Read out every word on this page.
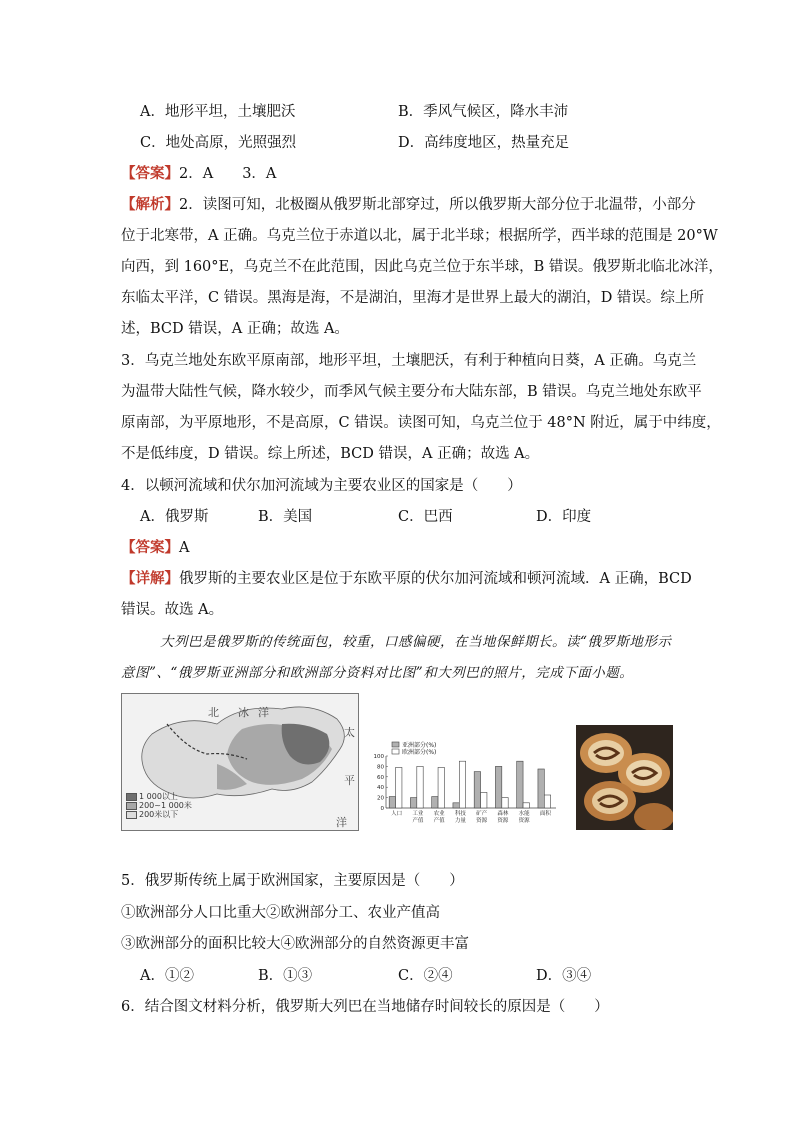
A．地形平坦，土壤肥沃	B．季风气候区，降水丰沛
C．地处高原，光照强烈	D．高纬度地区，热量充足
【答案】2．A　　3．A
【解析】2．读图可知，北极圈从俄罗斯北部穿过，所以俄罗斯大部分位于北温带，小部分
位于北寒带，A 正确。乌克兰位于赤道以北，属于北半球；根据所学，西半球的范围是 20°W
向西，到 160°E，乌克兰不在此范围，因此乌克兰位于东半球，B 错误。俄罗斯北临北冰洋，
东临太平洋，C 错误。黑海是海，不是湖泊，里海才是世界上最大的湖泊，D 错误。综上所
述，BCD 错误，A 正确；故选 A。
3．乌克兰地处东欧平原南部，地形平坦，土壤肥沃，有利于种植向日葵，A 正确。乌克兰
为温带大陆性气候，降水较少，而季风气候主要分布大陆东部，B 错误。乌克兰地处东欧平
原南部，为平原地形，不是高原，C 错误。读图可知，乌克兰位于 48°N 附近，属于中纬度，
不是低纬度，D 错误。综上所述，BCD 错误，A 正确；故选 A。
4．以顿河流域和伏尔加河流域为主要农业区的国家是（　　）
A．俄罗斯	B．美国	C．巴西	D．印度
【答案】A
【详解】俄罗斯的主要农业区是位于东欧平原的伏尔加河流域和顿河流域．A 正确，BCD
错误。故选 A。
大列巴是俄罗斯的传统面包，较重，口感偏硬，在当地保鲜期长。读“俄罗斯地形示
意图”、“俄罗斯亚洲部分和欧洲部分资料对比图”和大列巴的照片，完成下面小题。
北 冰 洋
太
平
洋
1 000以上
200~1 000米
200米以下
亚洲部分(%)
欧洲部分(%)
100
80
60
40
20
0
人口 工业
产值
农业
产值
科技
力量
矿产
资源
森林
资源
水能
资源
面积
5．俄罗斯传统上属于欧洲国家，主要原因是（　　）
①欧洲部分人口比重大②欧洲部分工、农业产值高
③欧洲部分的面积比较大④欧洲部分的自然资源更丰富
A．①②	B．①③	C．②④	D．③④
6．结合图文材料分析，俄罗斯大列巴在当地储存时间较长的原因是（　　）
